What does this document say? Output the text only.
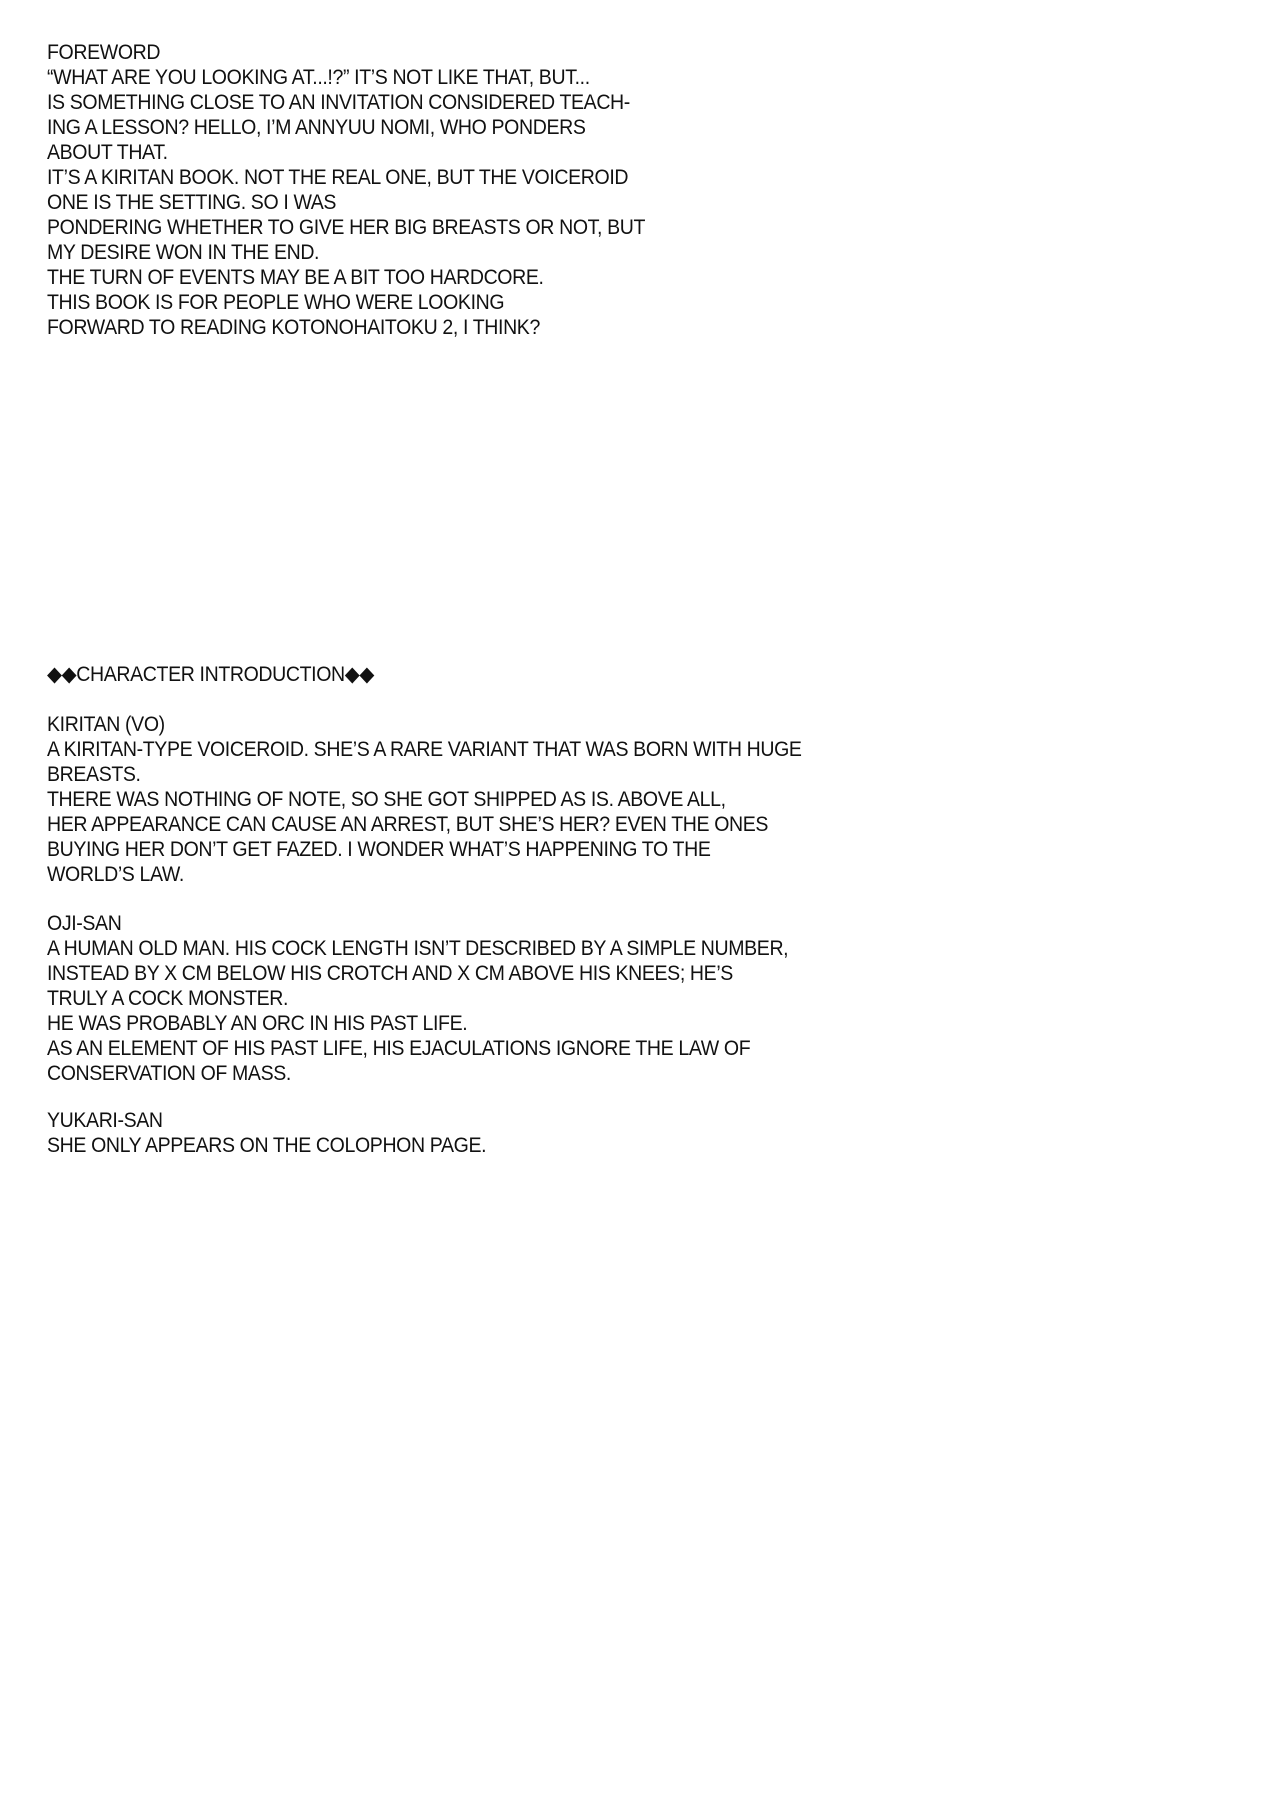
FOREWORD
“WHAT ARE YOU LOOKING AT...!?” IT’S NOT LIKE THAT, BUT...
IS SOMETHING CLOSE TO AN INVITATION CONSIDERED TEACH-
ING A LESSON? HELLO, I’M ANNYUU NOMI, WHO PONDERS
ABOUT THAT.
IT’S A KIRITAN BOOK. NOT THE REAL ONE, BUT THE VOICEROID
ONE IS THE SETTING. SO I WAS
PONDERING WHETHER TO GIVE HER BIG BREASTS OR NOT, BUT
MY DESIRE WON IN THE END.
THE TURN OF EVENTS MAY BE A BIT TOO HARDCORE.
THIS BOOK IS FOR PEOPLE WHO WERE LOOKING
FORWARD TO READING KOTONOHAITOKU 2, I THINK?
◆◆CHARACTER INTRODUCTION◆◆
KIRITAN (VO)
A KIRITAN-TYPE VOICEROID. SHE’S A RARE VARIANT THAT WAS BORN WITH HUGE
BREASTS.
THERE WAS NOTHING OF NOTE, SO SHE GOT SHIPPED AS IS. ABOVE ALL,
HER APPEARANCE CAN CAUSE AN ARREST, BUT SHE’S HER? EVEN THE ONES
BUYING HER DON’T GET FAZED. I WONDER WHAT’S HAPPENING TO THE
WORLD’S LAW.
OJI-SAN
A HUMAN OLD MAN. HIS COCK LENGTH ISN’T DESCRIBED BY A SIMPLE NUMBER,
INSTEAD BY X CM BELOW HIS CROTCH AND X CM ABOVE HIS KNEES; HE’S
TRULY A COCK MONSTER.
HE WAS PROBABLY AN ORC IN HIS PAST LIFE.
AS AN ELEMENT OF HIS PAST LIFE, HIS EJACULATIONS IGNORE THE LAW OF
CONSERVATION OF MASS.
YUKARI-SAN
SHE ONLY APPEARS ON THE COLOPHON PAGE.
